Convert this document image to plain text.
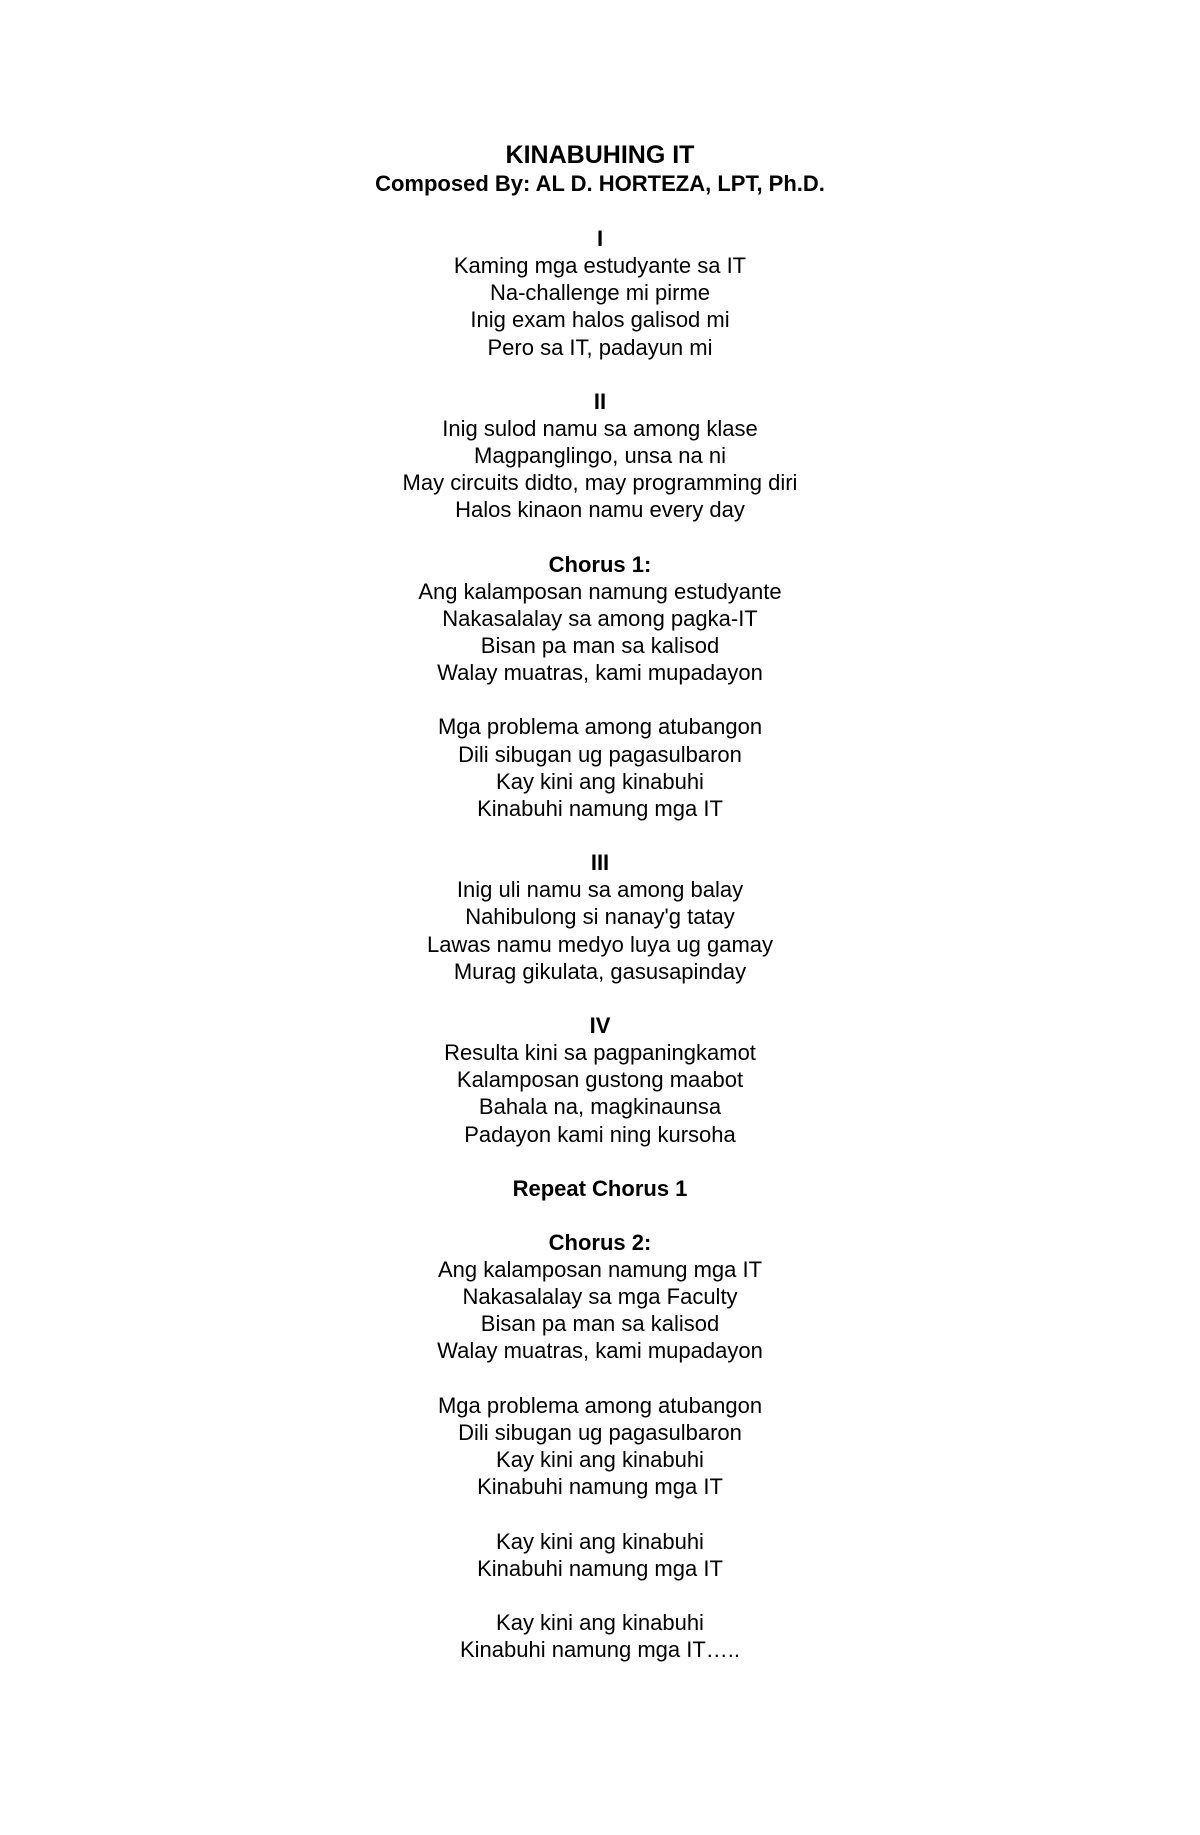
KINABUHING IT

Composed By: AL D. HORTEZA, LPT, Ph.D.

I

Kaming mga estudyante sa IT

Na-challenge mi pirme

Inig exam halos galisod mi

Pero sa IT, padayun mi

II

Inig sulod namu sa among klase

Magpanglingo, unsa na ni

May circuits didto, may programming diri

Halos kinaon namu every day

Chorus 1:

Ang kalamposan namung estudyante

Nakasalalay sa among pagka-IT

Bisan pa man sa kalisod

Walay muatras, kami mupadayon

Mga problema among atubangon

Dili sibugan ug pagasulbaron

Kay kini ang kinabuhi

Kinabuhi namung mga IT

III

Inig uli namu sa among balay

Nahibulong si nanay'g tatay

Lawas namu medyo luya ug gamay

Murag gikulata, gasusapinday

IV

Resulta kini sa pagpaningkamot

Kalamposan gustong maabot

Bahala na, magkinaunsa

Padayon kami ning kursoha

Repeat Chorus 1

Chorus 2:

Ang kalamposan namung mga IT

Nakasalalay sa mga Faculty

Bisan pa man sa kalisod

Walay muatras, kami mupadayon

Mga problema among atubangon

Dili sibugan ug pagasulbaron

Kay kini ang kinabuhi

Kinabuhi namung mga IT

Kay kini ang kinabuhi

Kinabuhi namung mga IT

Kay kini ang kinabuhi

Kinabuhi namung mga IT…..
